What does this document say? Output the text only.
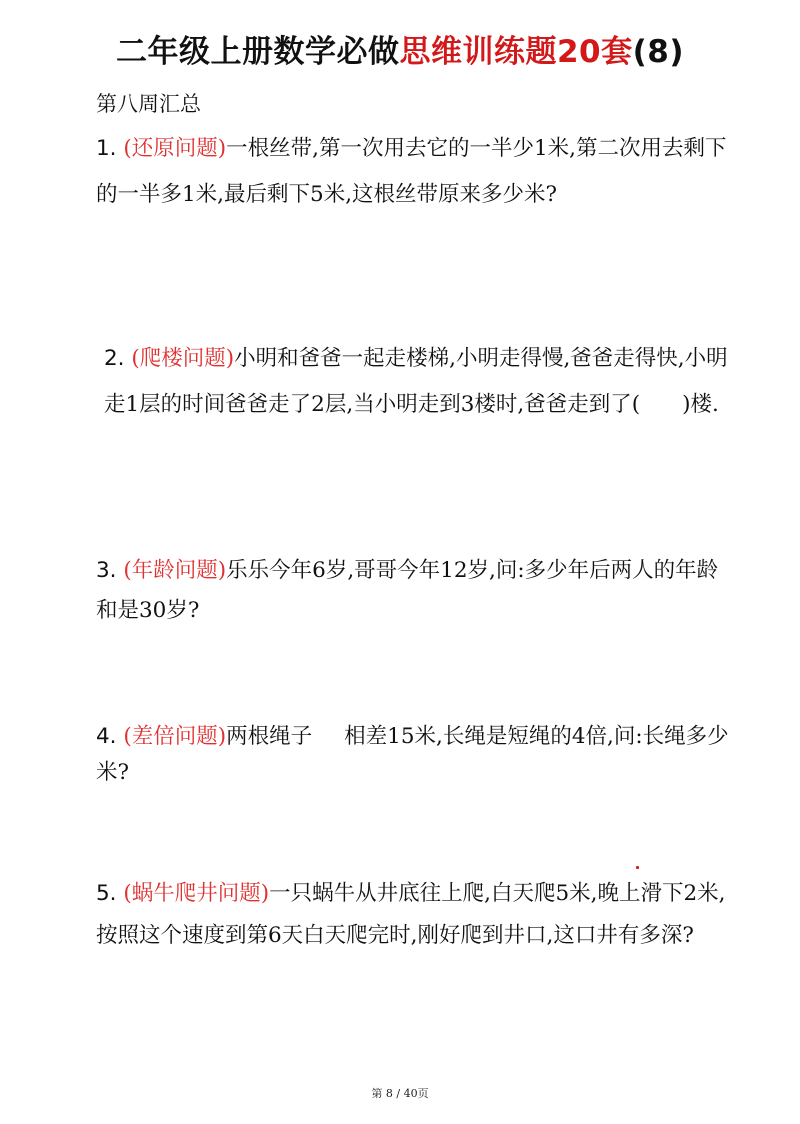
二年级上册数学必做思维训练题20套(8)
第八周汇总
1. (还原问题)一根丝带,第一次用去它的一半少1米,第二次用去剩下的一半多1米,最后剩下5米,这根丝带原来多少米?
2. (爬楼问题)小明和爸爸一起走楼梯,小明走得慢,爸爸走得快,小明走1层的时间爸爸走了2层,当小明走到3楼时,爸爸走到了( )楼.
3. (年龄问题)乐乐今年6岁,哥哥今年12岁,问:多少年后两人的年龄和是30岁?
4. (差倍问题)两根绳子 相差15米,长绳是短绳的4倍,问:长绳多少米?
5. (蜗牛爬井问题)一只蜗牛从井底往上爬,白天爬5米,晚上滑下2米,按照这个速度到第6天白天爬完时,刚好爬到井口,这口井有多深?
第 8 / 40页
